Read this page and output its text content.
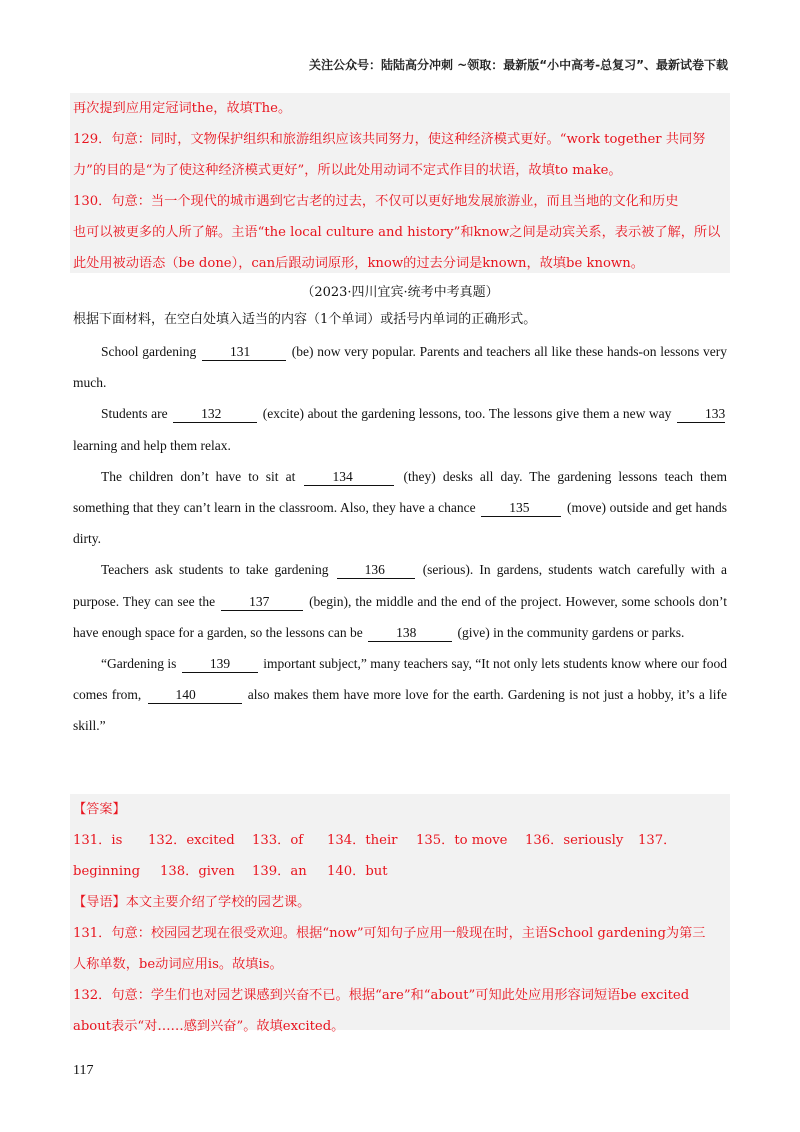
关注公众号：陆陆高分冲刺 ~领取：最新版“小中高考-总复习”、最新试卷下载

再次提到应用定冠词the，故填The。

129．句意：同时，文物保护组织和旅游组织应该共同努力，使这种经济模式更好。“work together 共同努

力”的目的是“为了使这种经济模式更好”，所以此处用动词不定式作目的状语，故填to make。

130．句意：当一个现代的城市遇到它古老的过去，不仅可以更好地发展旅游业，而且当地的文化和历史

也可以被更多的人所了解。主语“the local culture and history”和know之间是动宾关系，表示被了解，所以

此处用被动语态（be done），can后跟动词原形，know的过去分词是known，故填be known。

（2023·四川宜宾·统考中考真题）
根据下面材料，在空白处填入适当的内容（1个单词）或括号内单词的正确形式。

School gardening	131	(be) now very popular. Parents and teachers all like these hands-on lessons very much.

Students are 132	(excite) about the gardening lessons, too. The lessons give them a new way 133 learning and help them relax.

The children don’t have to sit at	134	(they) desks all day. The gardening lessons teach them something that they can’t learn in the classroom. Also, they have a chance 135	(move) outside and get hands dirty.

Teachers ask students to take gardening	136	(serious). In gardens, students watch carefully with a purpose. They can see the	137	(begin), the middle and the end of the project. However, some schools don’t have enough space for a garden, so the lessons can be 138	(give) in the community gardens or parks.

“Gardening is 139 important subject,” many teachers say, “It not only lets students know where our food comes from,	140	also makes them have more love for the earth. Gardening is not just a hobby, it’s a life skill.”

【答案】

131．is 132．excited 133．of 134．their 135．to move 136．seriously 137．

beginning 138．given 139．an 140．but

【导语】本文主要介绍了学校的园艺课。

131．句意：校园园艺现在很受欢迎。根据“now”可知句子应用一般现在时，主语School gardening为第三

人称单数，be动词应用is。故填is。

132．句意：学生们也对园艺课感到兴奋不已。根据“are”和“about”可知此处应用形容词短语be excited

about表示“对……感到兴奋”。故填excited。

117
